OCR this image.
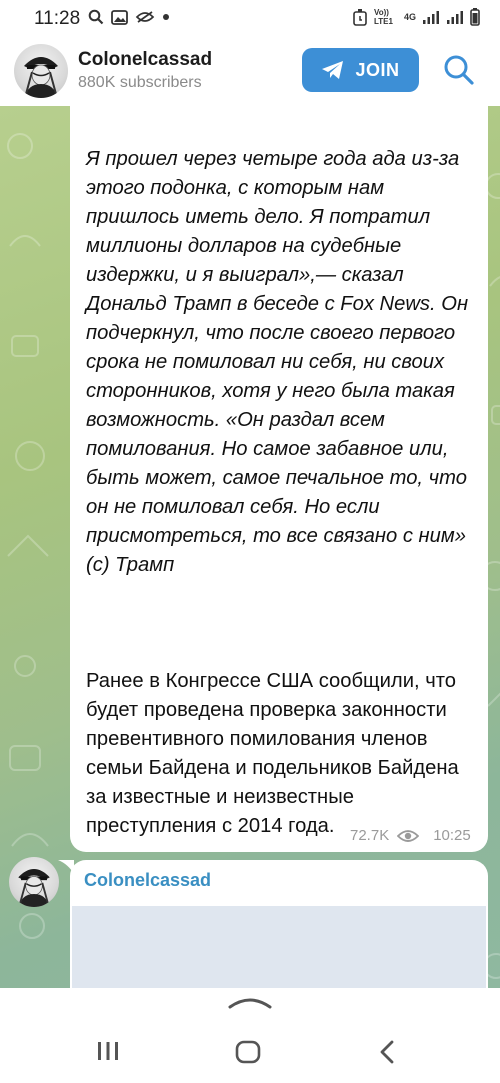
11:28	Vo)) LTE1	4G
Colonelcassad
880K subscribers
JOIN

Я прошел через четыре года ада из-за этого подонка, с которым нам пришлось иметь дело. Я потратил миллионы долларов на судебные издержки, и я выиграл»,— сказал Дональд Трамп в беседе с Fox News. Он подчеркнул, что после своего первого срока не помиловал ни себя, ни своих сторонников, хотя у него была такая возможность. «Он раздал всем помилования. Но самое забавное или, быть может, самое печальное то, что он не помиловал себя. Но если присмотреться, то все связано с ним» (с) Трамп

Ранее в Конгрессе США сообщили, что будет проведена проверка законности превентивного помилования членов семьи Байдена и подельников Байдена за известные и неизвестные преступления с 2014 года.	72.7K	10:25
Colonelcassad
